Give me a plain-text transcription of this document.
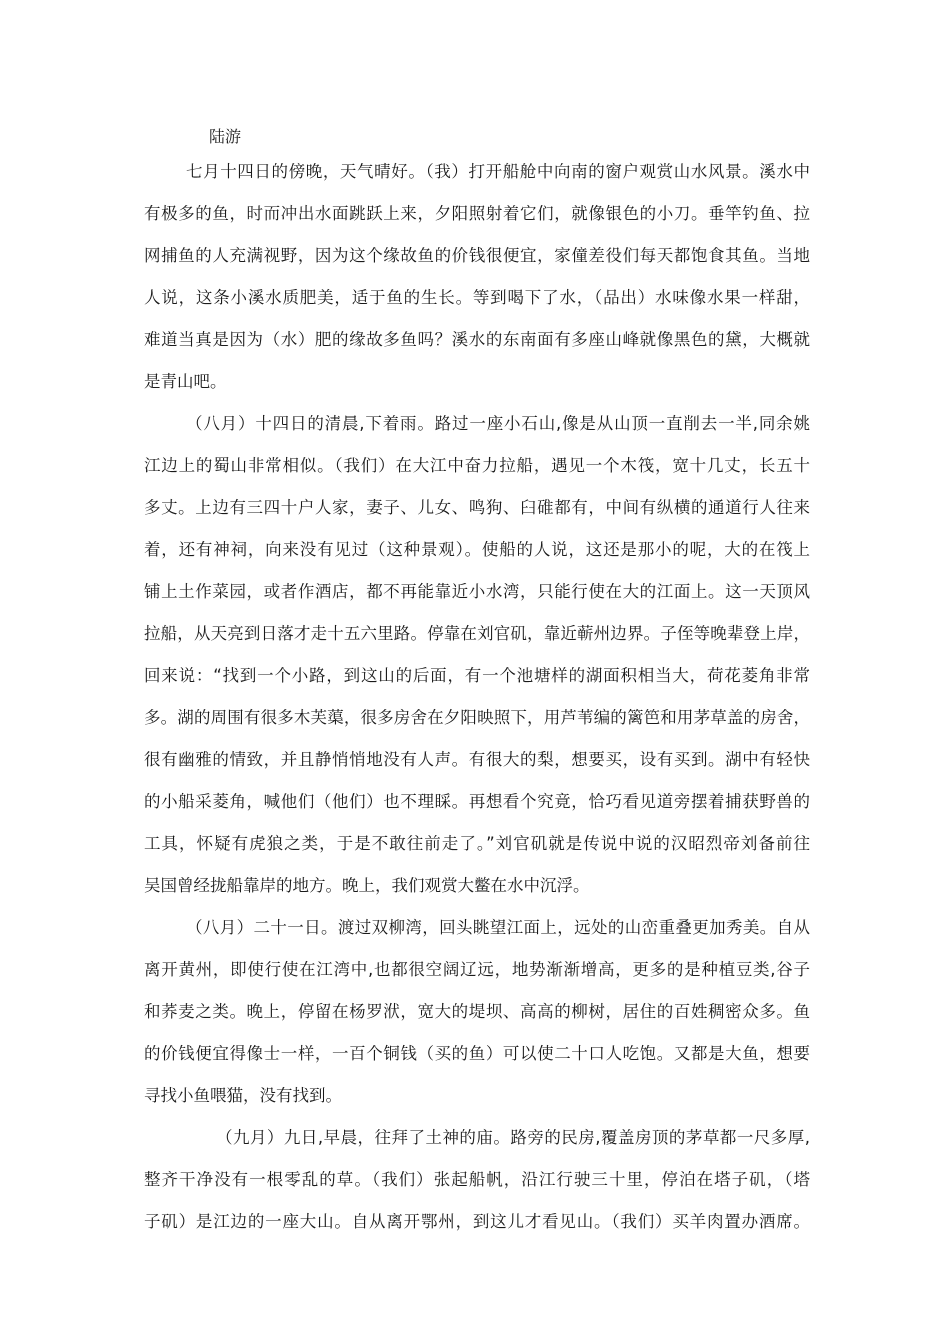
陆游
七月十四日的傍晚，天气晴好。（我）打开船舱中向南的窗户观赏山水风景。溪水中
有极多的鱼，时而冲出水面跳跃上来，夕阳照射着它们，就像银色的小刀。垂竿钓鱼、拉
网捕鱼的人充满视野，因为这个缘故鱼的价钱很便宜，家僮差役们每天都饱食其鱼。当地
人说，这条小溪水质肥美，适于鱼的生长。等到喝下了水，（品出）水味像水果一样甜，
难道当真是因为（水）肥的缘故多鱼吗？溪水的东南面有多座山峰就像黑色的黛，大概就
是青山吧。
（八月）十四日的清晨,下着雨。路过一座小石山,像是从山顶一直削去一半,同余姚
江边上的蜀山非常相似。（我们）在大江中奋力拉船，遇见一个木筏，宽十几丈，长五十
多丈。上边有三四十户人家，妻子、儿女、鸣狗、臼碓都有，中间有纵横的通道行人往来
着，还有神祠，向来没有见过（这种景观）。使船的人说，这还是那小的呢，大的在筏上
铺上土作菜园，或者作酒店，都不再能靠近小水湾，只能行使在大的江面上。这一天顶风
拉船，从天亮到日落才走十五六里路。停靠在刘官矶，靠近蕲州边界。子侄等晚辈登上岸，
回来说：“找到一个小路，到这山的后面，有一个池塘样的湖面积相当大，荷花菱角非常
多。湖的周围有很多木芙蕖，很多房舍在夕阳映照下，用芦苇编的篱笆和用茅草盖的房舍，
很有幽雅的情致，并且静悄悄地没有人声。有很大的梨，想要买，设有买到。湖中有轻快
的小船采菱角，喊他们（他们）也不理睬。再想看个究竟，恰巧看见道旁摆着捕获野兽的
工具，怀疑有虎狼之类，于是不敢往前走了。”刘官矶就是传说中说的汉昭烈帝刘备前往
吴国曾经拢船靠岸的地方。晚上，我们观赏大鳖在水中沉浮。
（八月）二十一日。渡过双柳湾，回头眺望江面上，远处的山峦重叠更加秀美。自从
离开黄州，即使行使在江湾中,也都很空阔辽远，地势渐渐增高，更多的是种植豆类,谷子
和荞麦之类。晚上，停留在杨罗洑，宽大的堤坝、高高的柳树，居住的百姓稠密众多。鱼
的价钱便宜得像士一样，一百个铜钱（买的鱼）可以使二十口人吃饱。又都是大鱼，想要
寻找小鱼喂猫，没有找到。
（九月）九日,早晨，往拜了土神的庙。路旁的民房,覆盖房顶的茅草都一尺多厚,
整齐干净没有一根零乱的草。（我们）张起船帆，沿江行驶三十里，停泊在塔子矶，（塔
子矶）是江边的一座大山。自从离开鄂州，到这儿才看见山。（我们）买羊肉置办酒席。
